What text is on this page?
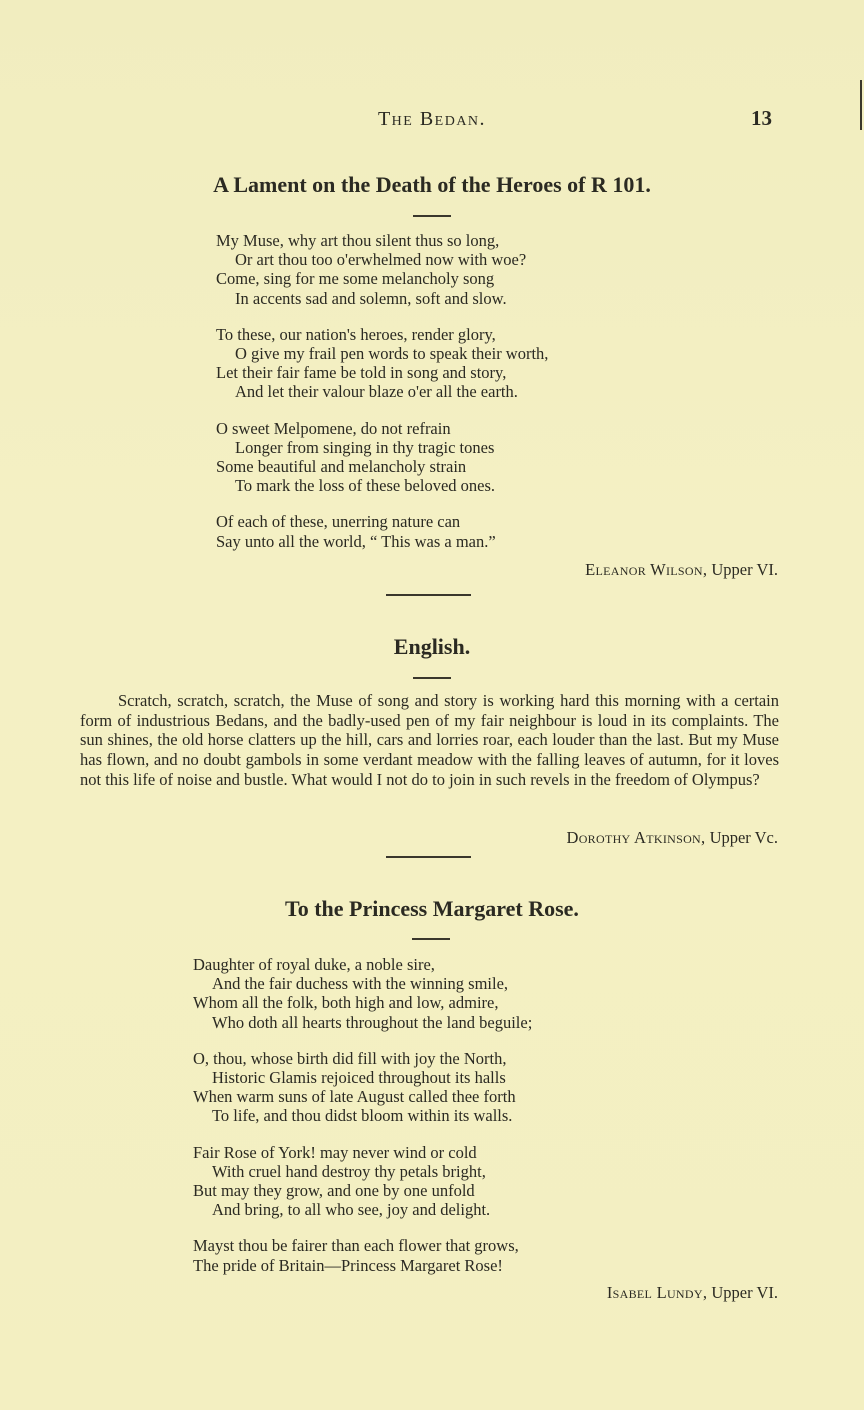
The Bedan.	13
A Lament on the Death of the Heroes of R 101.
My Muse, why art thou silent thus so long,
Or art thou too o'erwhelmed now with woe?
Come, sing for me some melancholy song
In accents sad and solemn, soft and slow.
To these, our nation's heroes, render glory,
O give my frail pen words to speak their worth,
Let their fair fame be told in song and story,
And let their valour blaze o'er all the earth.
O sweet Melpomene, do not refrain
Longer from singing in thy tragic tones
Some beautiful and melancholy strain
To mark the loss of these beloved ones.
Of each of these, unerring nature can
Say unto all the world, “ This was a man.”
Eleanor Wilson, Upper VI.
English.

Scratch, scratch, scratch, the Muse of song and story is working hard this morning with a certain form of industrious Bedans, and the badly-used pen of my fair neighbour is loud in its complaints. The sun shines, the old horse clatters up the hill, cars and lorries roar, each louder than the last. But my Muse has flown, and no doubt gambols in some verdant meadow with the falling leaves of autumn, for it loves not this life of noise and bustle. What would I not do to join in such revels in the freedom of Olympus?

Dorothy Atkinson, Upper Vc.
To the Princess Margaret Rose.
Daughter of royal duke, a noble sire,
And the fair duchess with the winning smile,
Whom all the folk, both high and low, admire,
Who doth all hearts throughout the land beguile;
O, thou, whose birth did fill with joy the North,
Historic Glamis rejoiced throughout its halls
When warm suns of late August called thee forth
To life, and thou didst bloom within its walls.
Fair Rose of York! may never wind or cold
With cruel hand destroy thy petals bright,
But may they grow, and one by one unfold
And bring, to all who see, joy and delight.
Mayst thou be fairer than each flower that grows,
The pride of Britain—Princess Margaret Rose!
Isabel Lundy, Upper VI.
